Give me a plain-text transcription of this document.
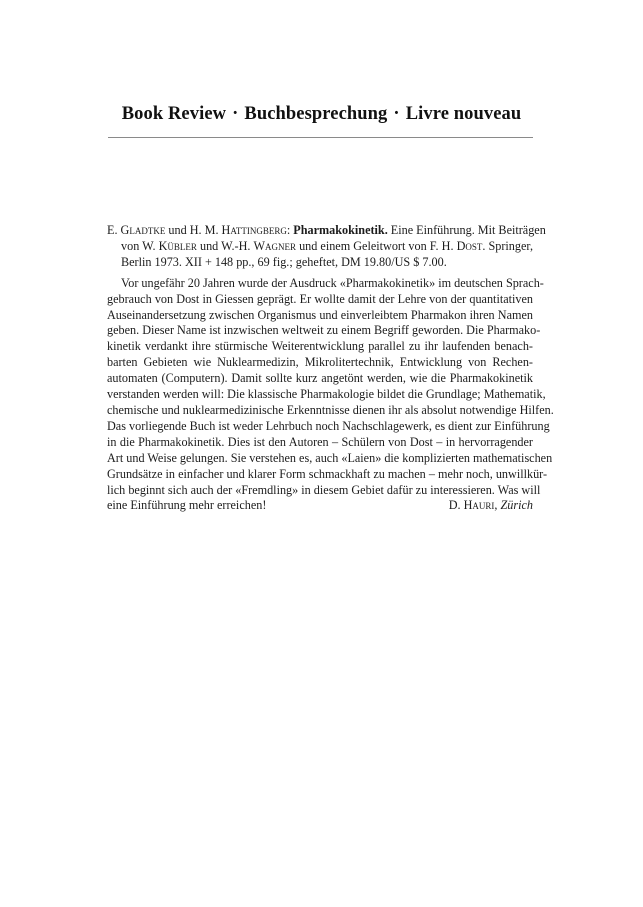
Book Review · Buchbesprechung · Livre nouveau
E. Gladtke und H. M. Hattingberg: Pharmakokinetik. Eine Einführung. Mit Beiträgen
von W. Kübler und W.-H. Wagner und einem Geleitwort von F. H. Dost. Springer,
Berlin 1973. XII + 148 pp., 69 fig.; geheftet, DM 19.80/US $ 7.00.
Vor ungefähr 20 Jahren wurde der Ausdruck «Pharmakokinetik» im deutschen Sprach-
gebrauch von Dost in Giessen geprägt. Er wollte damit der Lehre von der quantitativen
Auseinandersetzung zwischen Organismus und einverleibtem Pharmakon ihren Namen
geben. Dieser Name ist inzwischen weltweit zu einem Begriff geworden. Die Pharmako-
kinetik verdankt ihre stürmische Weiterentwicklung parallel zu ihr laufenden benach-
barten Gebieten wie Nuklearmedizin, Mikrolitertechnik, Entwicklung von Rechen-
automaten (Computern). Damit sollte kurz angetönt werden, wie die Pharmakokinetik
verstanden werden will: Die klassische Pharmakologie bildet die Grundlage; Mathematik,
chemische und nuklearmedizinische Erkenntnisse dienen ihr als absolut notwendige Hilfen.
Das vorliegende Buch ist weder Lehrbuch noch Nachschlagewerk, es dient zur Einführung
in die Pharmakokinetik. Dies ist den Autoren – Schülern von Dost – in hervorragender
Art und Weise gelungen. Sie verstehen es, auch «Laien» die komplizierten mathematischen
Grundsätze in einfacher und klarer Form schmackhaft zu machen – mehr noch, unwillkür-
lich beginnt sich auch der «Fremdling» in diesem Gebiet dafür zu interessieren. Was will
eine Einführung mehr erreichen!	D. Hauri, Zürich
